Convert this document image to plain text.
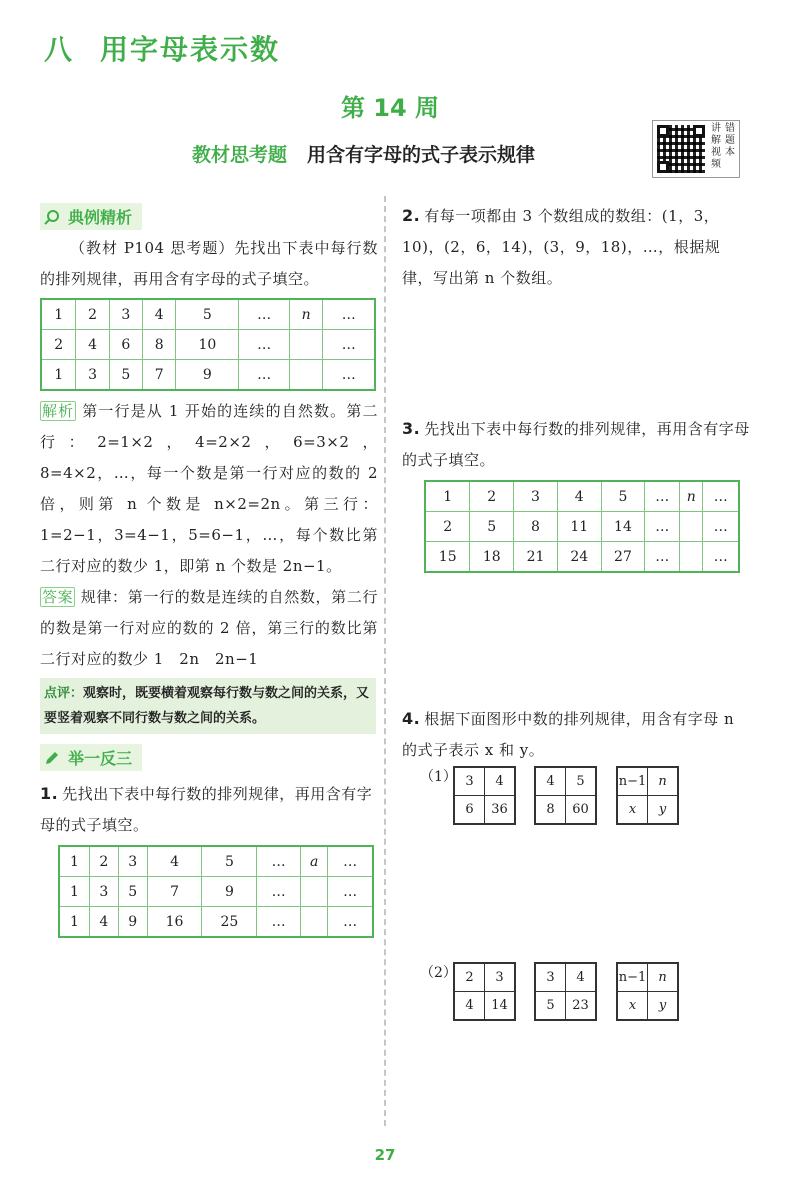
八 用字母表示数
第 14 周
教材思考题 用含有字母的式子表示规律
讲 错
解 题
视 本
频
典例精析
（教材 P104 思考题）先找出下表中每行数的排列规律，再用含有字母的式子填空。
1	2	3	4	5	…	n	…
2	4	6	8	10	…		…
1	3	5	7	9	…		…
解析 第一行是从 1 开始的连续的自然数。第二行：2=1×2，4=2×2，6=3×2，8=4×2，…，每一个数是第一行对应的数的 2 倍，则第 n 个数是 n×2=2n。第三行：1=2−1，3=4−1，5=6−1，…，每个数比第二行对应的数少 1，即第 n 个数是 2n−1。
答案 规律：第一行的数是连续的自然数，第二行的数是第一行对应的数的 2 倍，第三行的数比第二行对应的数少 1　2n　2n−1
点评：观察时，既要横着观察每行数与数之间的关系，又要竖着观察不同行数与数之间的关系。
举一反三
1. 先找出下表中每行数的排列规律，再用含有字母的式子填空。
1	2	3	4	5	…	a	…
1	3	5	7	9	…		…
1	4	9	16	25	…		…
2. 有每一项都由 3 个数组成的数组：(1，3，10)，(2，6，14)，(3，9，18)，…，根据规律，写出第 n 个数组。
3. 先找出下表中每行数的排列规律，再用含有字母的式子填空。
1	2	3	4	5	…	n	…
2	5	8	11	14	…		…
15	18	21	24	27	…		…
4. 根据下面图形中数的排列规律，用含有字母 n 的式子表示 x 和 y。
（1） 3	4
6	36
4	5
8	60
n−1	n
x	y
（2） 2	3
4	14
3	4
5	23
n−1	n
x	y
27
